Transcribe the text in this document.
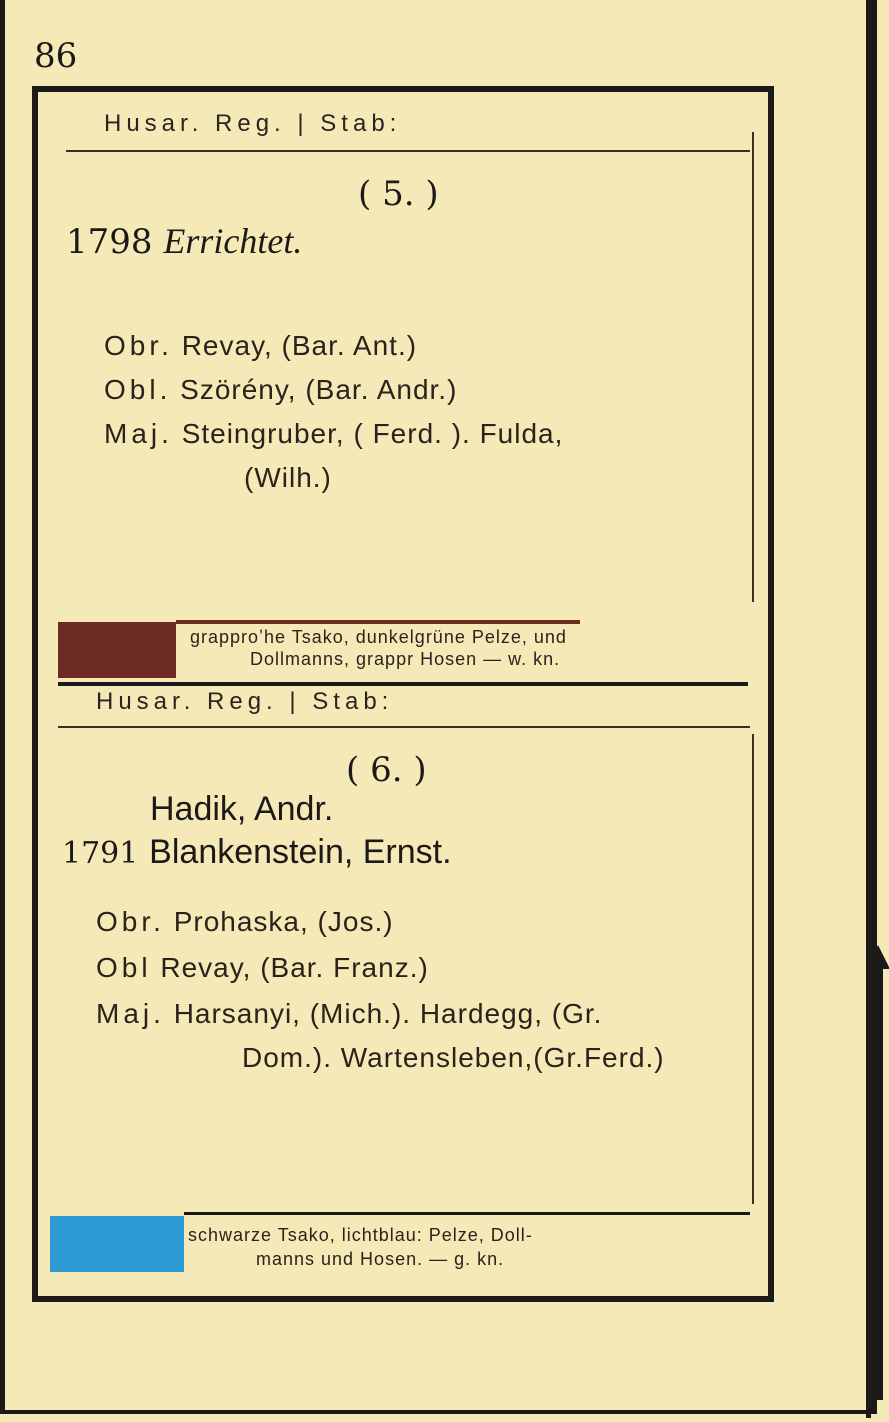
86
Husar. Reg. | Stab:
( 5. )
1798 Errichtet.
Obr. Revay, (Bar. Ant.)
Obl. Szörény, (Bar. Andr.)
Maj. Steingruber, ( Ferd. ). Fulda,
(Wilh.)
grapproʼhe Tsako, dunkelgrüne Pelze, und
Dollmanns, grappr Hosen — w. kn.
Husar. Reg. | Stab:
( 6. )
Hadik, Andr.
1791 Blankenstein, Ernst.
Obr. Prohaska, (Jos.)
Obl Revay, (Bar. Franz.)
Maj. Harsanyi, (Mich.). Hardegg, (Gr.
Dom.). Wartensleben,(Gr.Ferd.)
schwarze Tsako, lichtblau: Pelze, Doll-
manns und Hosen. — g. kn.
